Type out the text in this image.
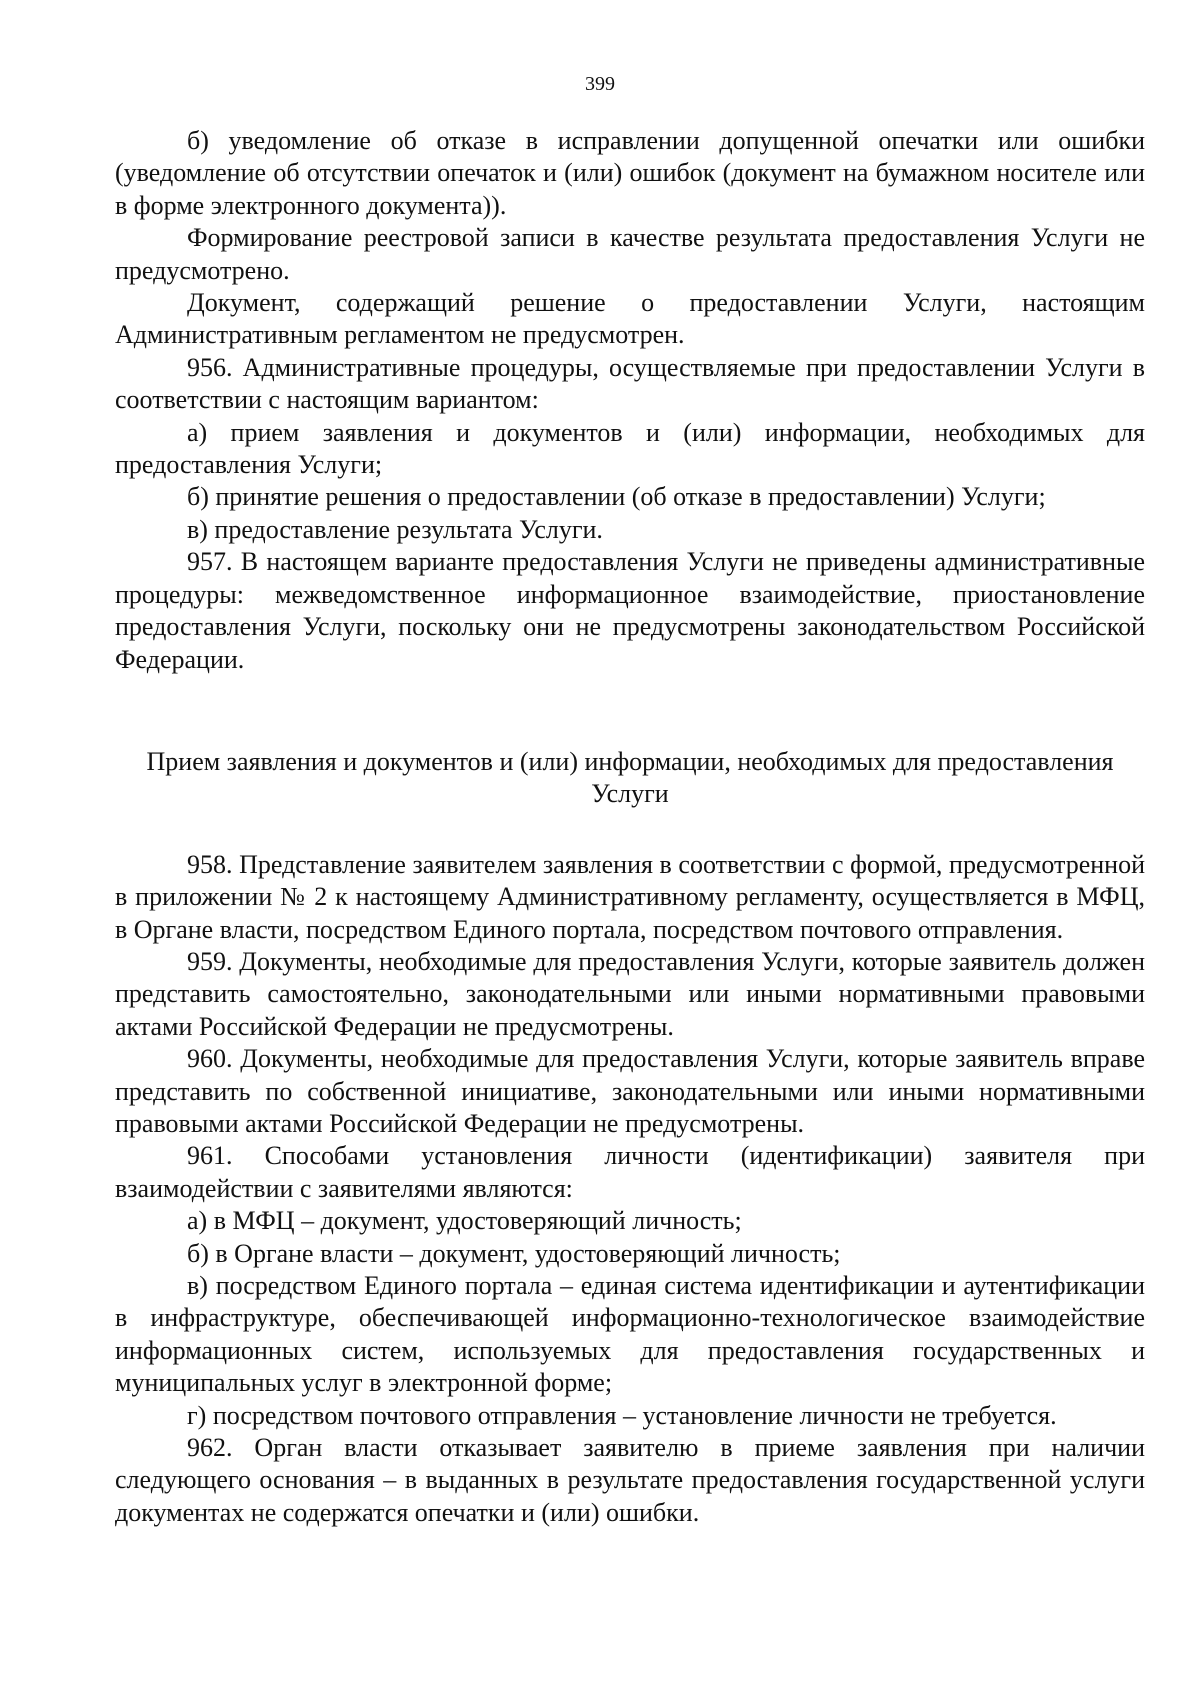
399

б) уведомление об отказе в исправлении допущенной опечатки или ошибки (уведомление об отсутствии опечаток и (или) ошибок (документ на бумажном носителе или в форме электронного документа)).

Формирование реестровой записи в качестве результата предоставления Услуги не предусмотрено.

Документ, содержащий решение о предоставлении Услуги, настоящим Административным регламентом не предусмотрен.

956. Административные процедуры, осуществляемые при предоставлении Услуги в соответствии с настоящим вариантом:

а) прием заявления и документов и (или) информации, необходимых для предоставления Услуги;

б) принятие решения о предоставлении (об отказе в предоставлении) Услуги;

в) предоставление результата Услуги.

957. В настоящем варианте предоставления Услуги не приведены административные процедуры: межведомственное информационное взаимодействие, приостановление предоставления Услуги, поскольку они не предусмотрены законодательством Российской Федерации.

Прием заявления и документов и (или) информации, необходимых для предоставления Услуги

958. Представление заявителем заявления в соответствии с формой, предусмотренной в приложении № 2 к настоящему Административному регламенту, осуществляется в МФЦ, в Органе власти, посредством Единого портала, посредством почтового отправления.

959. Документы, необходимые для предоставления Услуги, которые заявитель должен представить самостоятельно, законодательными или иными нормативными правовыми актами Российской Федерации не предусмотрены.

960. Документы, необходимые для предоставления Услуги, которые заявитель вправе представить по собственной инициативе, законодательными или иными нормативными правовыми актами Российской Федерации не предусмотрены.

961. Способами установления личности (идентификации) заявителя при взаимодействии с заявителями являются:

а) в МФЦ – документ, удостоверяющий личность;

б) в Органе власти – документ, удостоверяющий личность;

в) посредством Единого портала – единая система идентификации и аутентификации в инфраструктуре, обеспечивающей информационно-технологическое взаимодействие информационных систем, используемых для предоставления государственных и муниципальных услуг в электронной форме;

г) посредством почтового отправления – установление личности не требуется.

962. Орган власти отказывает заявителю в приеме заявления при наличии следующего основания – в выданных в результате предоставления государственной услуги документах не содержатся опечатки и (или) ошибки.
